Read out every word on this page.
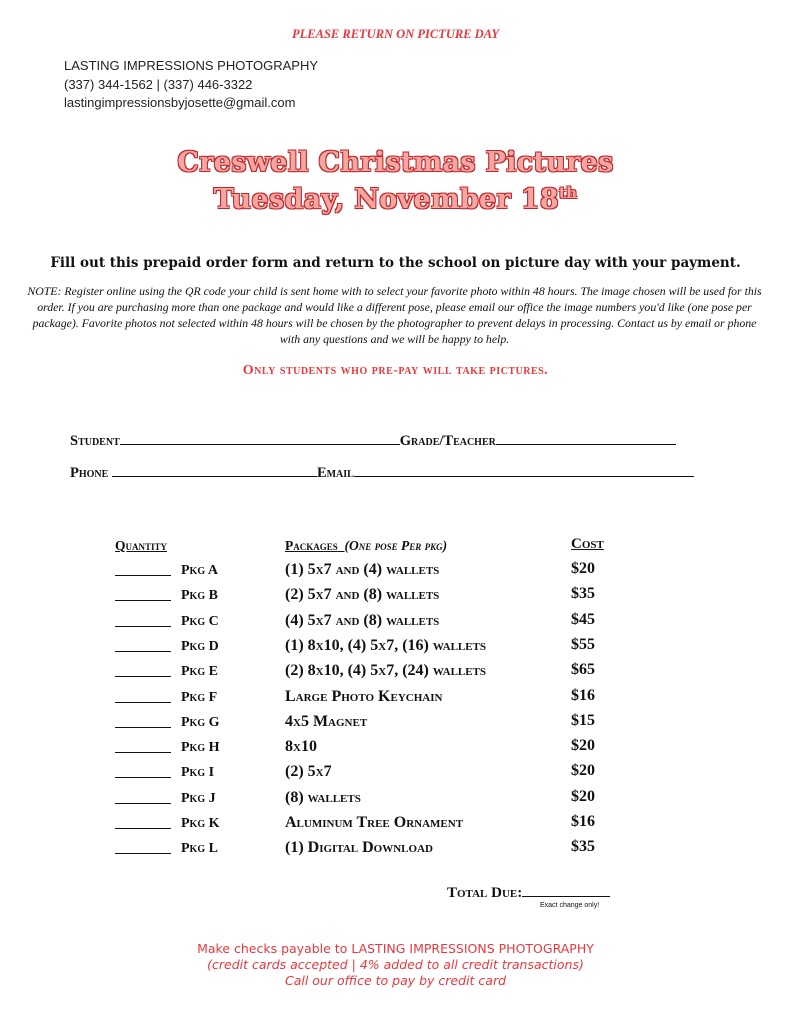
PLEASE RETURN ON PICTURE DAY
LASTING IMPRESSIONS PHOTOGRAPHY
(337) 344-1562 | (337) 446-3322
lastingimpressionsbyjosette@gmail.com
Creswell Christmas Pictures
Tuesday, November 18th
Fill out this prepaid order form and return to the school on picture day with your payment.
NOTE: Register online using the QR code your child is sent home with to select your favorite photo within 48 hours. The image chosen will be used for this order. If you are purchasing more than one package and would like a different pose, please email our office the image numbers you'd like (one pose per package). Favorite photos not selected within 48 hours will be chosen by the photographer to prevent delays in processing. Contact us by email or phone with any questions and we will be happy to help.
Only students who pre-pay will take pictures.
Student	Grade/Teacher
Phone	Email
Quantity	Packages (One pose Per pkg)	Cost
Pkg A	(1) 5x7 and (4) wallets	$20
Pkg B	(2) 5x7 and (8) wallets	$35
Pkg C	(4) 5x7 and (8) wallets	$45
Pkg D	(1) 8x10, (4) 5x7, (16) wallets	$55
Pkg E	(2) 8x10, (4) 5x7, (24) wallets	$65
Pkg F	Large Photo Keychain	$16
Pkg G	4x5 Magnet	$15
Pkg H	8x10	$20
Pkg I	(2) 5x7	$20
Pkg J	(8) wallets	$20
Pkg K	Aluminum Tree Ornament	$16
Pkg L	(1) Digital Download	$35
Total Due:
Exact change only!
Make checks payable to LASTING IMPRESSIONS PHOTOGRAPHY
(credit cards accepted | 4% added to all credit transactions)
Call our office to pay by credit card
